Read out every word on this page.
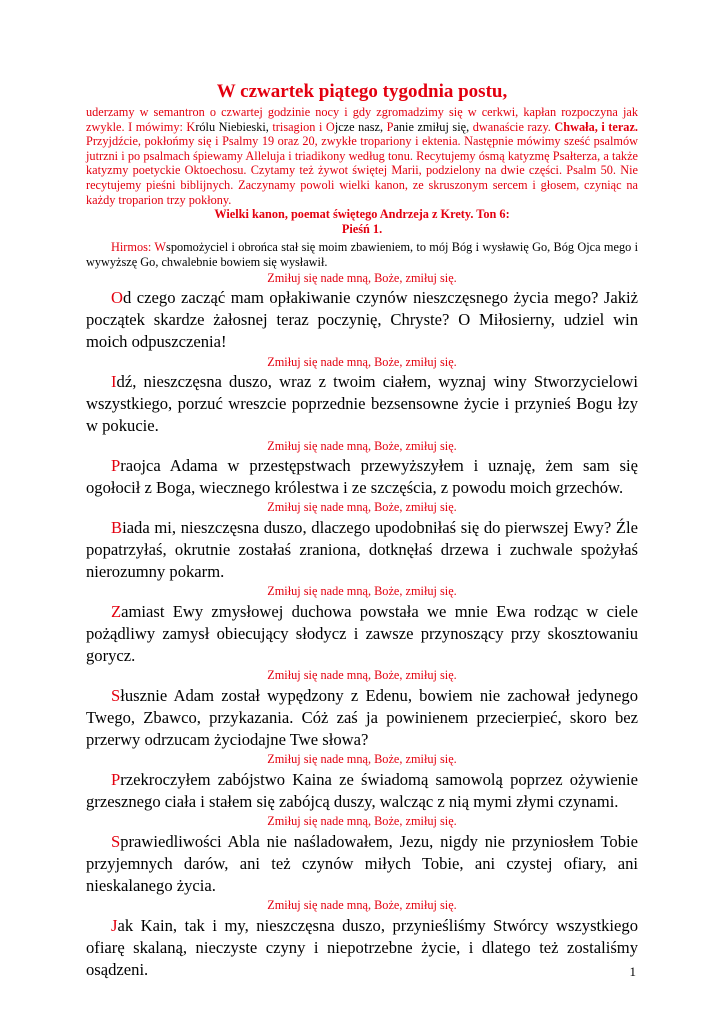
W czwartek piątego tygodnia postu,

uderzamy w semantron o czwartej godzinie nocy i gdy zgromadzimy się w cerkwi, kapłan rozpoczyna jak zwykle. I mówimy: Królu Niebieski, trisagion i Ojcze nasz, Panie zmiłuj się, dwanaście razy. Chwała, i teraz. Przyjdźcie, pokłońmy się i Psalmy 19 oraz 20, zwykłe tropariony i ektenia. Następnie mówimy sześć psalmów jutrzni i po psalmach śpiewamy Alleluja i triadikony według tonu. Recytujemy ósmą katyzmę Psałterza, a także katyzmy poetyckie Oktoechosu. Czytamy też żywot świętej Marii, podzielony na dwie części. Psalm 50. Nie recytujemy pieśni biblijnych. Zaczynamy powoli wielki kanon, ze skruszonym sercem i głosem, czyniąc na każdy troparion trzy pokłony.

Wielki kanon, poemat świętego Andrzeja z Krety. Ton 6:
Pieśń 1.

Hirmos: Wspomożyciel i obrońca stał się moim zbawieniem, to mój Bóg i wysławię Go, Bóg Ojca mego i wywyższę Go, chwalebnie bowiem się wysławił.

Zmiłuj się nade mną, Boże, zmiłuj się.

Od czego zacząć mam opłakiwanie czynów nieszczęsnego życia mego? Jakiż początek skardze żałosnej teraz poczynię, Chryste? O Miłosierny, udziel win moich odpuszczenia!

Zmiłuj się nade mną, Boże, zmiłuj się.

Idź, nieszczęsna duszo, wraz z twoim ciałem, wyznaj winy Stworzycielowi wszystkiego, porzuć wreszcie poprzednie bezsensowne życie i przynieś Bogu łzy w pokucie.

Zmiłuj się nade mną, Boże, zmiłuj się.

Praojca Adama w przestępstwach przewyższyłem i uznaję, żem sam się ogołocił z Boga, wiecznego królestwa i ze szczęścia, z powodu moich grzechów.

Zmiłuj się nade mną, Boże, zmiłuj się.

Biada mi, nieszczęsna duszo, dlaczego upodobniłaś się do pierwszej Ewy? Źle popatrzyłaś, okrutnie zostałaś zraniona, dotknęłaś drzewa i zuchwale spożyłaś nierozumny pokarm.

Zmiłuj się nade mną, Boże, zmiłuj się.

Zamiast Ewy zmysłowej duchowa powstała we mnie Ewa rodząc w ciele pożądliwy zamysł obiecujący słodycz i zawsze przynoszący przy skosztowaniu gorycz.

Zmiłuj się nade mną, Boże, zmiłuj się.

Słusznie Adam został wypędzony z Edenu, bowiem nie zachował jedynego Twego, Zbawco, przykazania. Cóż zaś ja powinienem przecierpieć, skoro bez przerwy odrzucam życiodajne Twe słowa?

Zmiłuj się nade mną, Boże, zmiłuj się.

Przekroczyłem zabójstwo Kaina ze świadomą samowolą poprzez ożywienie grzesznego ciała i stałem się zabójcą duszy, walcząc z nią mymi złymi czynami.

Zmiłuj się nade mną, Boże, zmiłuj się.

Sprawiedliwości Abla nie naśladowałem, Jezu, nigdy nie przyniosłem Tobie przyjemnych darów, ani też czynów miłych Tobie, ani czystej ofiary, ani nieskalanego życia.

Zmiłuj się nade mną, Boże, zmiłuj się.

Jak Kain, tak i my, nieszczęsna duszo, przynieśliśmy Stwórcy wszystkiego ofiarę skalaną, nieczyste czyny i niepotrzebne życie, i dlatego też zostaliśmy osądzeni.	1
